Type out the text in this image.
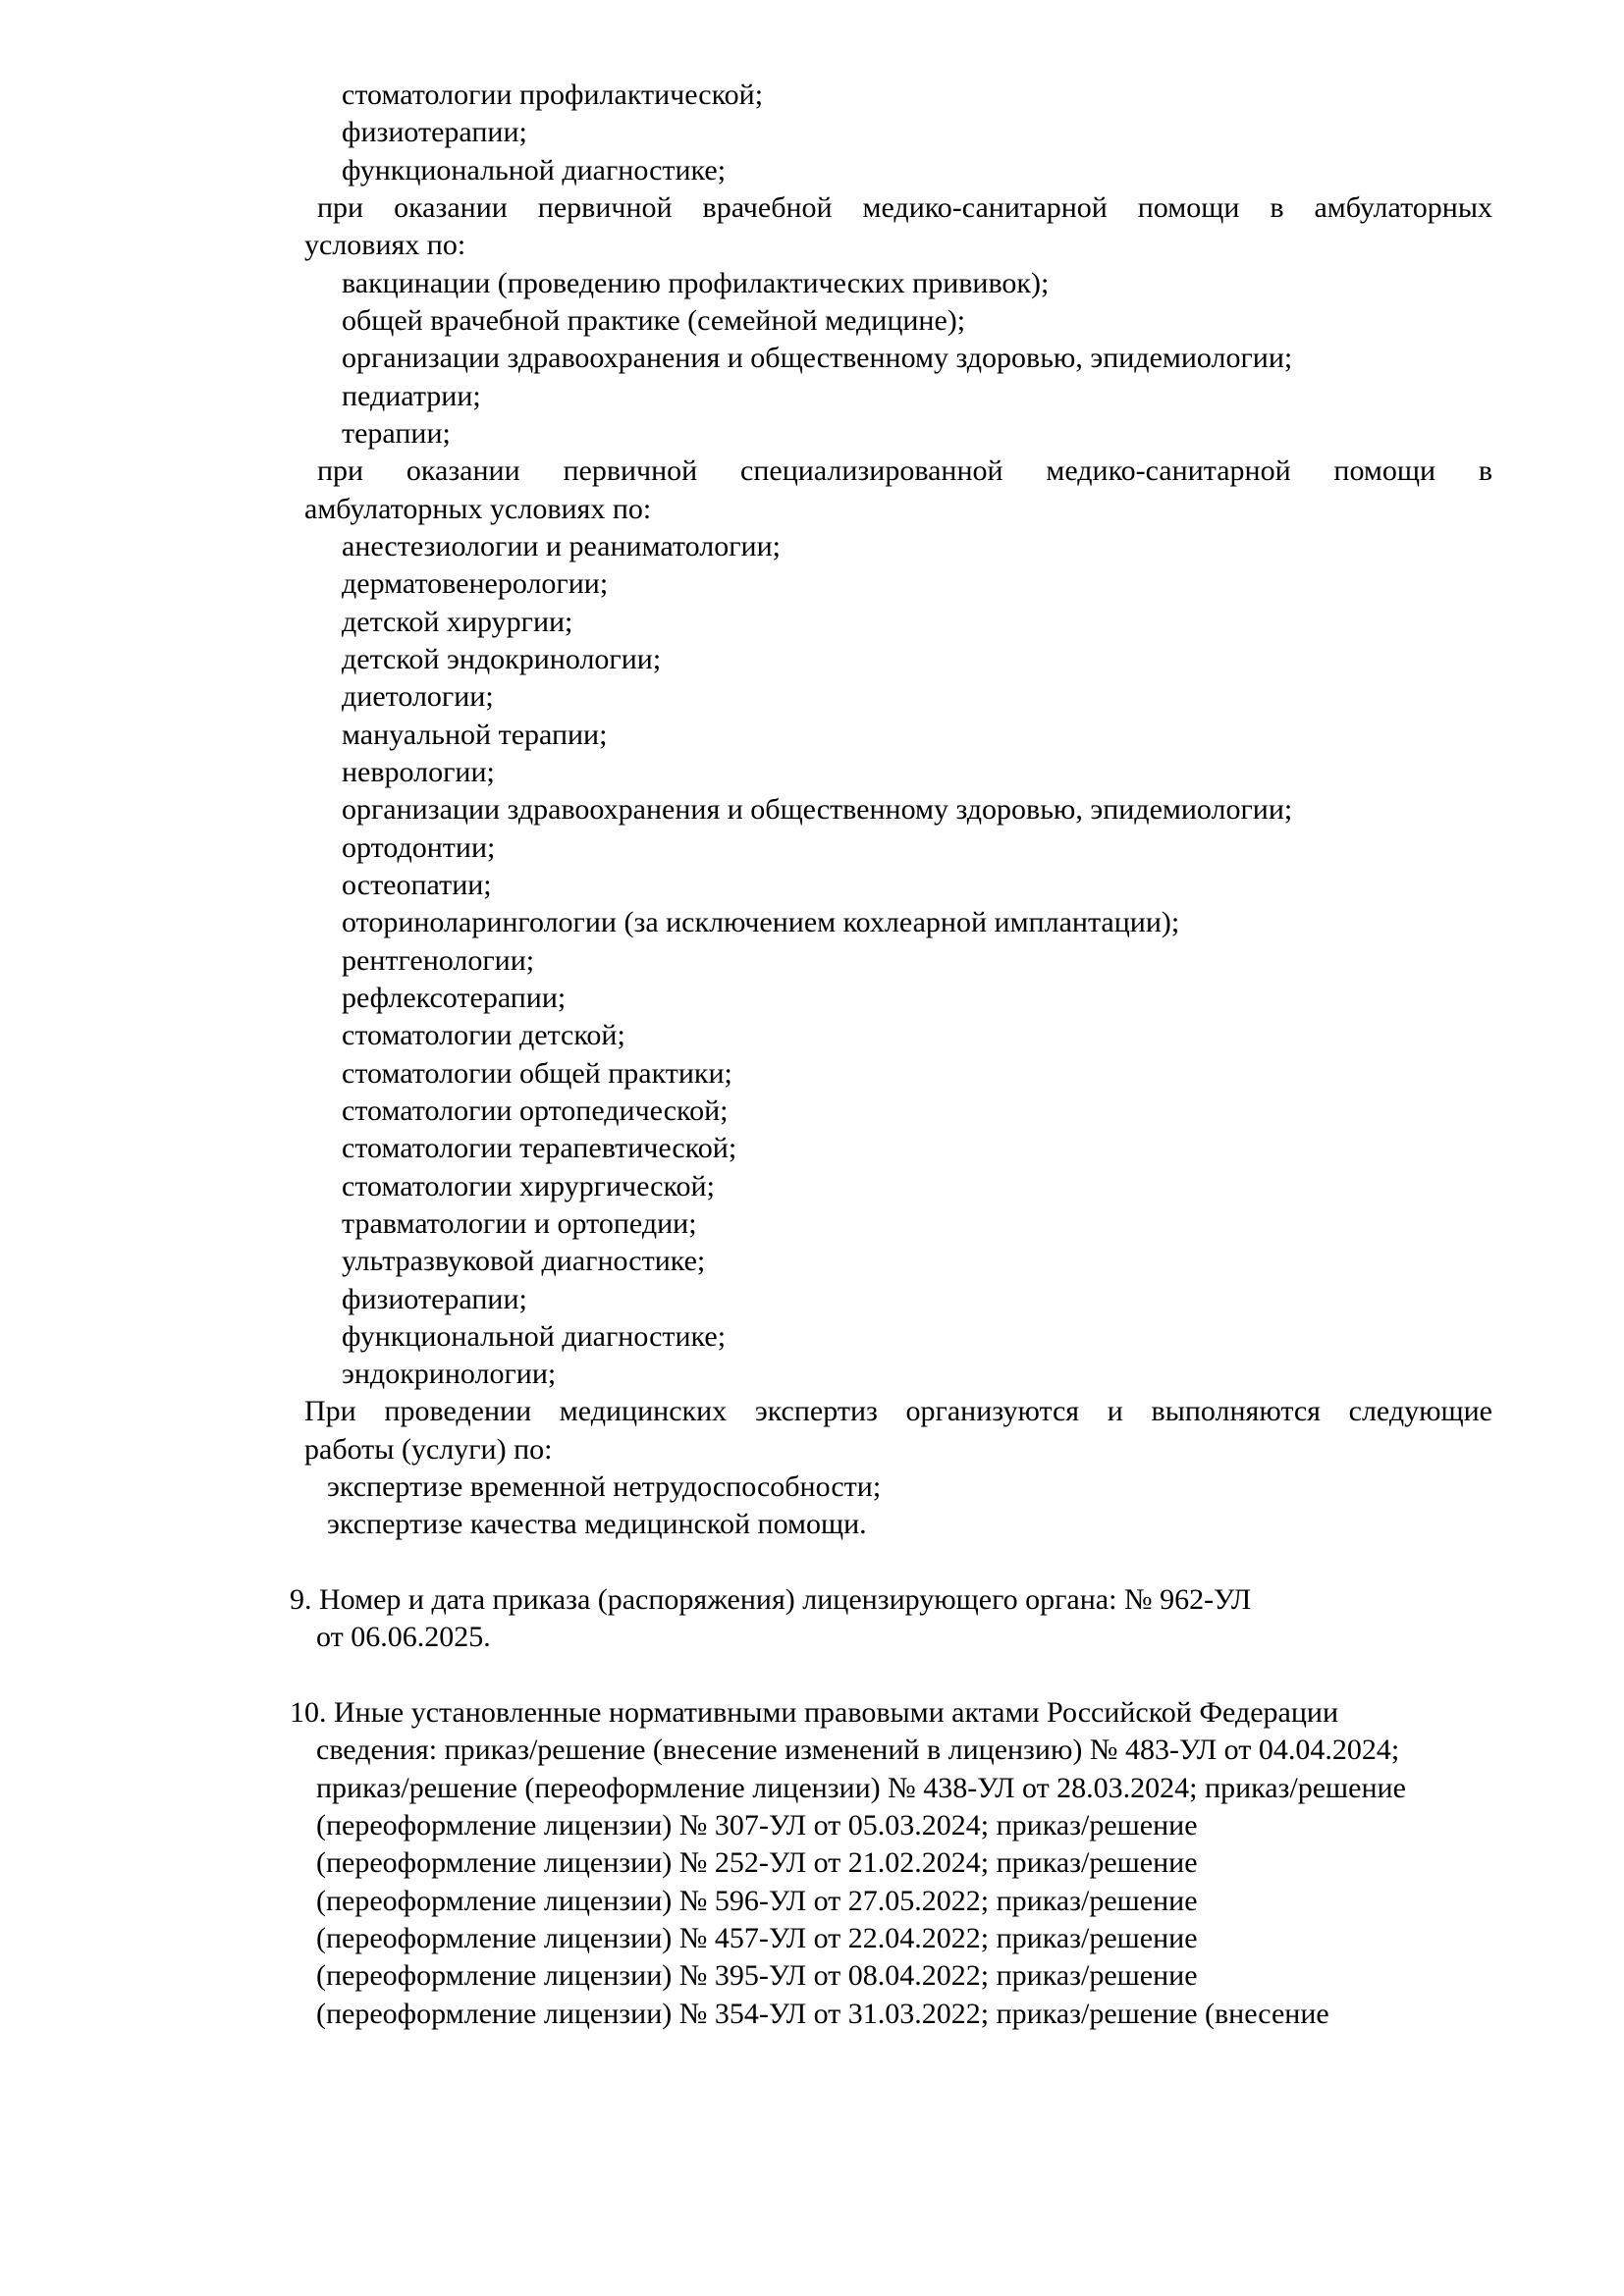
стоматологии профилактической;
физиотерапии;
функциональной диагностике;
при оказании первичной врачебной медико-санитарной помощи в амбулаторных
условиях по:
вакцинации (проведению профилактических прививок);
общей врачебной практике (семейной медицине);
организации здравоохранения и общественному здоровью, эпидемиологии;
педиатрии;
терапии;
при оказании первичной специализированной медико-санитарной помощи в
амбулаторных условиях по:
анестезиологии и реаниматологии;
дерматовенерологии;
детской хирургии;
детской эндокринологии;
диетологии;
мануальной терапии;
неврологии;
организации здравоохранения и общественному здоровью, эпидемиологии;
ортодонтии;
остеопатии;
оториноларингологии (за исключением кохлеарной имплантации);
рентгенологии;
рефлексотерапии;
стоматологии детской;
стоматологии общей практики;
стоматологии ортопедической;
стоматологии терапевтической;
стоматологии хирургической;
травматологии и ортопедии;
ультразвуковой диагностике;
физиотерапии;
функциональной диагностике;
эндокринологии;
При проведении медицинских экспертиз организуются и выполняются следующие
работы (услуги) по:
экспертизе временной нетрудоспособности;
экспертизе качества медицинской помощи.
9. Номер и дата приказа (распоряжения) лицензирующего органа: № 962-УЛ
от 06.06.2025.
10. Иные установленные нормативными правовыми актами Российской Федерации
сведения: приказ/решение (внесение изменений в лицензию) № 483-УЛ от 04.04.2024;
приказ/решение (переоформление лицензии) № 438-УЛ от 28.03.2024; приказ/решение
(переоформление лицензии) № 307-УЛ от 05.03.2024; приказ/решение
(переоформление лицензии) № 252-УЛ от 21.02.2024; приказ/решение
(переоформление лицензии) № 596-УЛ от 27.05.2022; приказ/решение
(переоформление лицензии) № 457-УЛ от 22.04.2022; приказ/решение
(переоформление лицензии) № 395-УЛ от 08.04.2022; приказ/решение
(переоформление лицензии) № 354-УЛ от 31.03.2022; приказ/решение (внесение
